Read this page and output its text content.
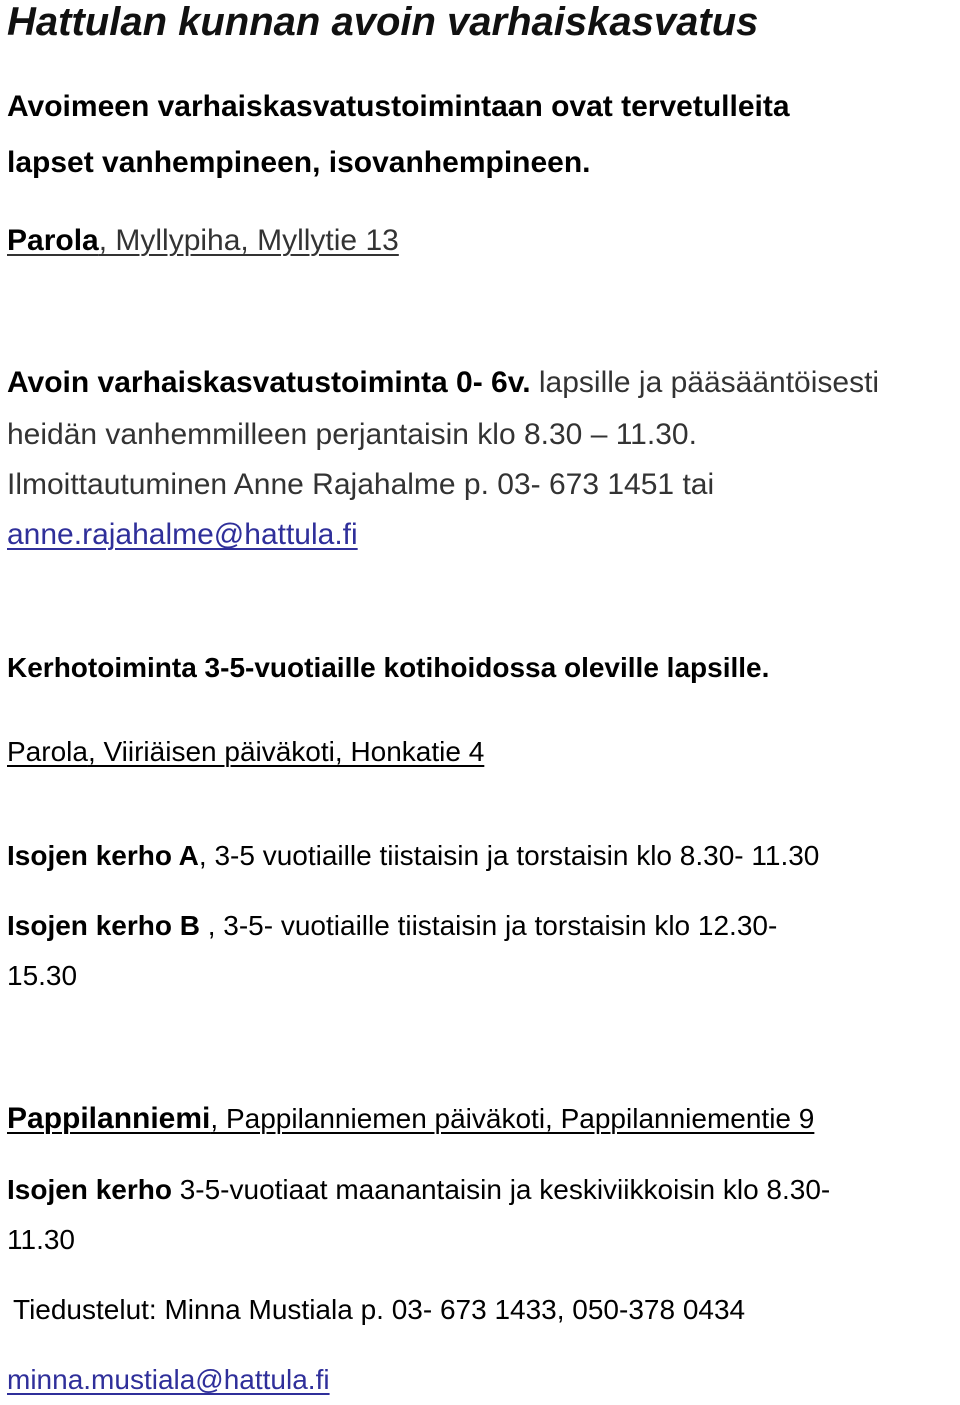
Hattulan kunnan avoin varhaiskasvatus

Avoimeen varhaiskasvatustoimintaan ovat tervetulleita

lapset vanhempineen, isovanhempineen.

Parola, Myllypiha, Myllytie 13

Avoin varhaiskasvatustoiminta 0- 6v. lapsille ja pääsääntöisesti

heidän vanhemmilleen perjantaisin klo 8.30 – 11.30.

Ilmoittautuminen Anne Rajahalme p. 03- 673 1451 tai

anne.rajahalme@hattula.fi

Kerhotoiminta 3-5-vuotiaille kotihoidossa oleville lapsille.

Parola, Viiriäisen päiväkoti, Honkatie 4

Isojen kerho A, 3-5 vuotiaille tiistaisin ja torstaisin klo 8.30- 11.30

Isojen kerho B , 3-5- vuotiaille tiistaisin ja torstaisin klo 12.30-

15.30

Pappilanniemi, Pappilanniemen päiväkoti, Pappilanniementie 9

Isojen kerho 3-5-vuotiaat maanantaisin ja keskiviikkoisin klo 8.30-

11.30

Tiedustelut: Minna Mustiala p. 03- 673 1433, 050-378 0434

minna.mustiala@hattula.fi
